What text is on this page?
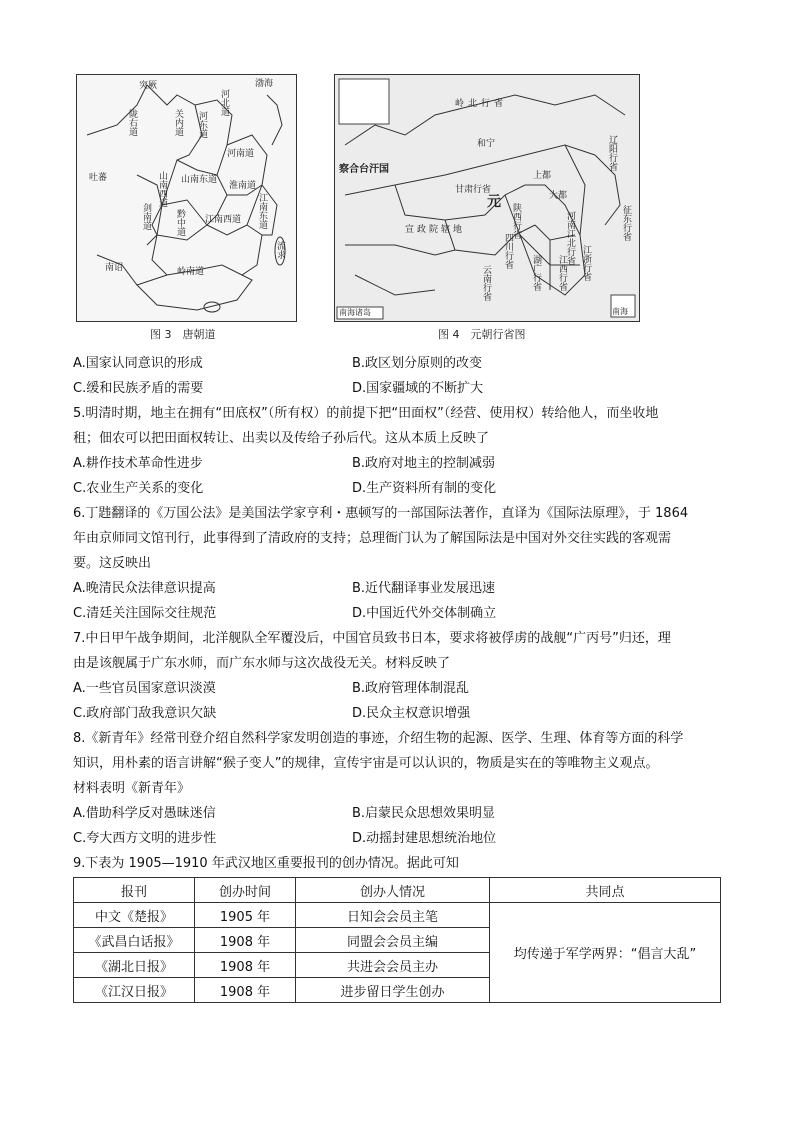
突厥	渤海
吐蕃
南诏
关内道 河东道
河北道
河南道
陇右道
山南东道
山南西道
剑南道
淮南道
黔中道 江南西道 江南东道
岭南道
流求
图 3　唐朝道
岭北行省
和宁
察合台汗国
元
甘肃行省
上都
大都
陕西行省
宣政院辖地	河南江北行省
四川行省
湖广行省 江西行省 江浙行省
云南行省
辽阳行省
征东行省
南海
南海诸岛
图 4　元朝行省图
A.国家认同意识的形成	B.政区划分原则的改变
C.缓和民族矛盾的需要	D.国家疆域的不断扩大
5.明清时期，地主在拥有“田底权”（所有权）的前提下把“田面权”（经营、使用权）转给他人，而坐收地
租；佃农可以把田面权转让、出卖以及传给子孙后代。这从本质上反映了
A.耕作技术革命性进步	B.政府对地主的控制减弱
C.农业生产关系的变化	D.生产资料所有制的变化
6.丁韪翻译的《万国公法》是美国法学家亨利・惠顿写的一部国际法著作，直译为《国际法原理》，于 1864
年由京师同文馆刊行，此事得到了清政府的支持；总理衙门认为了解国际法是中国对外交往实践的客观需
要。这反映出
A.晚清民众法律意识提高	B.近代翻译事业发展迅速
C.清廷关注国际交往规范	D.中国近代外交体制确立
7.中日甲午战争期间，北洋舰队全军覆没后，中国官员致书日本，要求将被俘虏的战舰“广丙号”归还，理
由是该舰属于广东水师，而广东水师与这次战役无关。材料反映了
A.一些官员国家意识淡漠	B.政府管理体制混乱
C.政府部门敌我意识欠缺	D.民众主权意识增强
8.《新青年》经常刊登介绍自然科学家发明创造的事迹，介绍生物的起源、医学、生理、体育等方面的科学
知识，用朴素的语言讲解“猴子变人”的规律，宣传宇宙是可以认识的，物质是实在的等唯物主义观点。
材料表明《新青年》
A.借助科学反对愚昧迷信	B.启蒙民众思想效果明显
C.夸大西方文明的进步性	D.动摇封建思想统治地位
9.下表为 1905—1910 年武汉地区重要报刊的创办情况。据此可知
报刊	创办时间	创办人情况	共同点
中文《楚报》	1905 年	日知会会员主笔	均传递于军学两界：“倡言大乱”
《武昌白话报》	1908 年	同盟会会员主编	
《湖北日报》	1908 年	共进会会员主办	
《江汉日报》	1908 年	进步留日学生创办	
